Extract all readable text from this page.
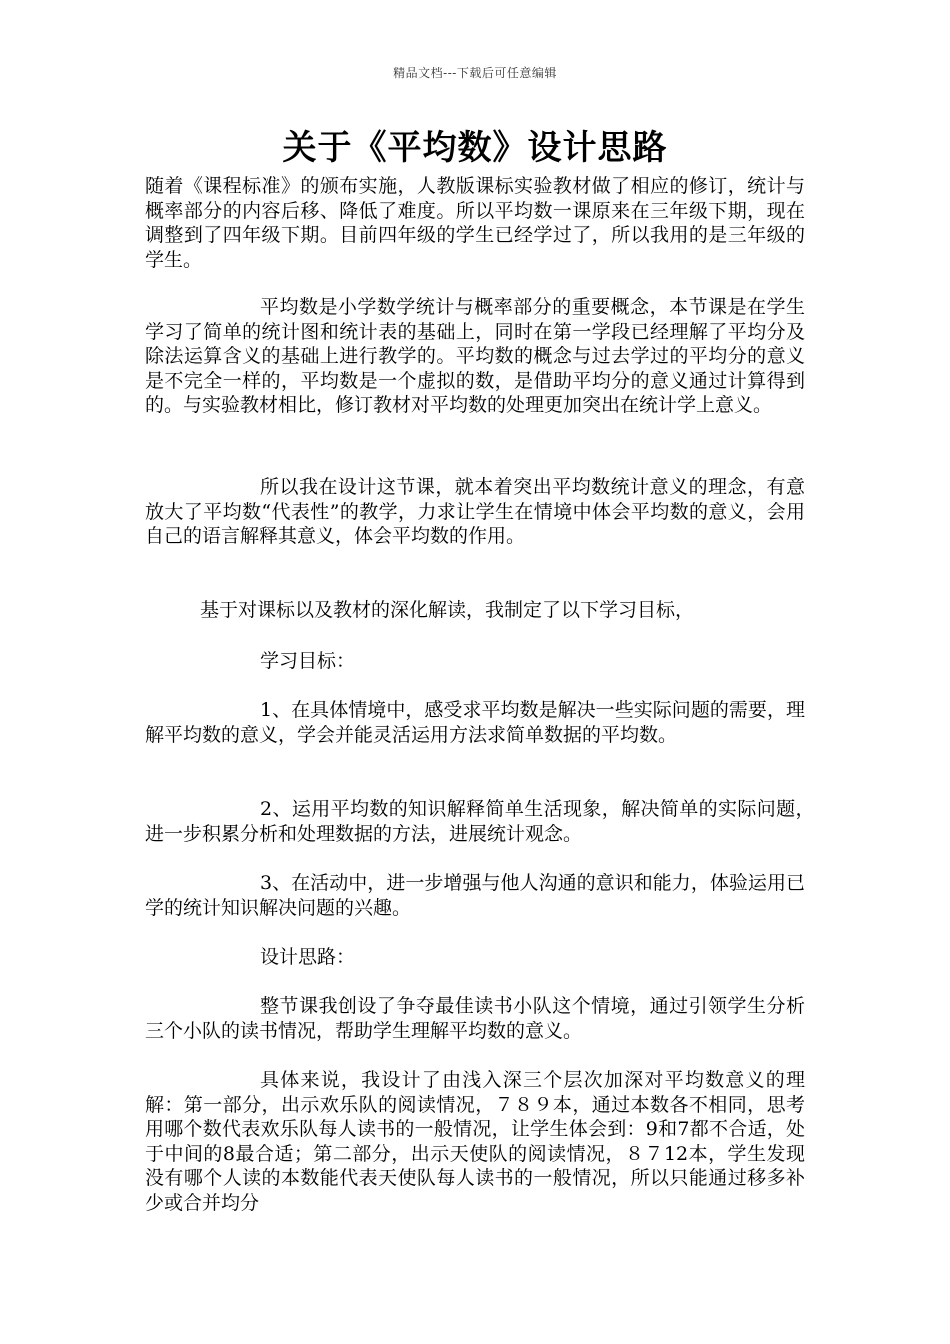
精品文档---下载后可任意编辑
关于《平均数》设计思路

随着《课程标准》的颁布实施，人教版课标实验教材做了相应的修订，统计与概率部分的内容后移、降低了难度。所以平均数一课原来在三年级下期，现在调整到了四年级下期。目前四年级的学生已经学过了，所以我用的是三年级的学生。

平均数是小学数学统计与概率部分的重要概念，本节课是在学生学习了简单的统计图和统计表的基础上，同时在第一学段已经理解了平均分及除法运算含义的基础上进行教学的。平均数的概念与过去学过的平均分的意义是不完全一样的，平均数是一个虚拟的数，是借助平均分的意义通过计算得到的。与实验教材相比，修订教材对平均数的处理更加突出在统计学上意义。

所以我在设计这节课，就本着突出平均数统计意义的理念，有意放大了平均数“代表性”的教学，力求让学生在情境中体会平均数的意义，会用自己的语言解释其意义，体会平均数的作用。

基于对课标以及教材的深化解读，我制定了以下学习目标，

学习目标：

1、在具体情境中，感受求平均数是解决一些实际问题的需要，理解平均数的意义，学会并能灵活运用方法求简单数据的平均数。

2、运用平均数的知识解释简单生活现象，解决简单的实际问题，　进一步积累分析和处理数据的方法，进展统计观念。

3、在活动中，进一步增强与他人沟通的意识和能力，体验运用已学的统计知识解决问题的兴趣。

设计思路：

整节课我创设了争夺最佳读书小队这个情境，通过引领学生分析三个小队的读书情况，帮助学生理解平均数的意义。

具体来说，我设计了由浅入深三个层次加深对平均数意义的理解：第一部分，出示欢乐队的阅读情况，７８９本，通过本数各不相同，思考用哪个数代表欢乐队每人读书的一般情况，让学生体会到：9和7都不合适，处于中间的8最合适；第二部分，出示天使队的阅读情况，８７12本，学生发现没有哪个人读的本数能代表天使队每人读书的一般情况，所以只能通过移多补少或合并均分
